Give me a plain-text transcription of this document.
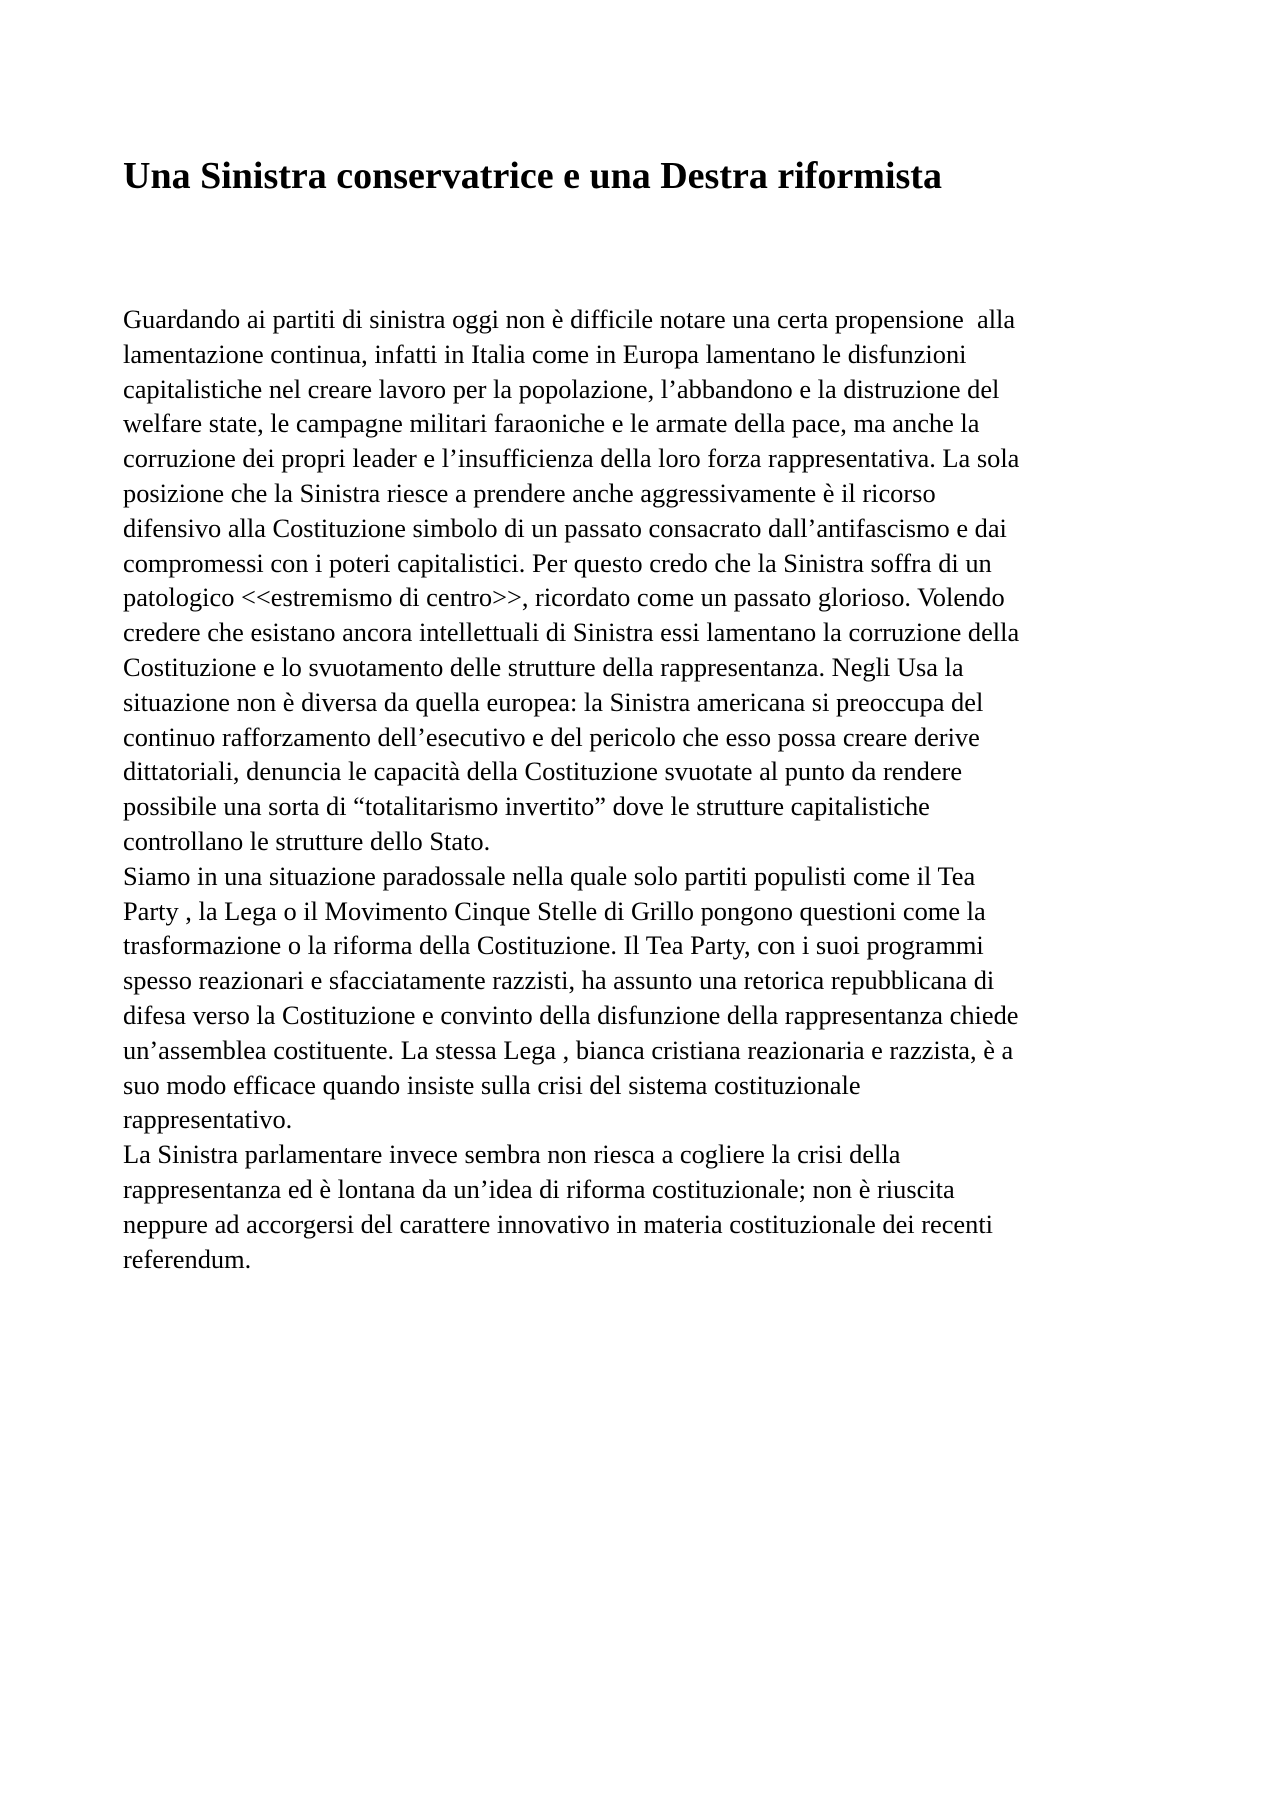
Una Sinistra conservatrice e una Destra riformista
Guardando ai partiti di sinistra oggi non è difficile notare una certa propensione  alla
lamentazione continua, infatti in Italia come in Europa lamentano le disfunzioni
capitalistiche nel creare lavoro per la popolazione, l’abbandono e la distruzione del
welfare state, le campagne militari faraoniche e le armate della pace, ma anche la
corruzione dei propri leader e l’insufficienza della loro forza rappresentativa. La sola
posizione che la Sinistra riesce a prendere anche aggressivamente è il ricorso
difensivo alla Costituzione simbolo di un passato consacrato dall’antifascismo e dai
compromessi con i poteri capitalistici. Per questo credo che la Sinistra soffra di un
patologico <<estremismo di centro>>, ricordato come un passato glorioso. Volendo
credere che esistano ancora intellettuali di Sinistra essi lamentano la corruzione della
Costituzione e lo svuotamento delle strutture della rappresentanza. Negli Usa la
situazione non è diversa da quella europea: la Sinistra americana si preoccupa del
continuo rafforzamento dell’esecutivo e del pericolo che esso possa creare derive
dittatoriali, denuncia le capacità della Costituzione svuotate al punto da rendere
possibile una sorta di “totalitarismo invertito” dove le strutture capitalistiche
controllano le strutture dello Stato.
Siamo in una situazione paradossale nella quale solo partiti populisti come il Tea
Party , la Lega o il Movimento Cinque Stelle di Grillo pongono questioni come la
trasformazione o la riforma della Costituzione. Il Tea Party, con i suoi programmi
spesso reazionari e sfacciatamente razzisti, ha assunto una retorica repubblicana di
difesa verso la Costituzione e convinto della disfunzione della rappresentanza chiede
un’assemblea costituente. La stessa Lega , bianca cristiana reazionaria e razzista, è a
suo modo efficace quando insiste sulla crisi del sistema costituzionale
rappresentativo.
La Sinistra parlamentare invece sembra non riesca a cogliere la crisi della
rappresentanza ed è lontana da un’idea di riforma costituzionale; non è riuscita
neppure ad accorgersi del carattere innovativo in materia costituzionale dei recenti
referendum.
